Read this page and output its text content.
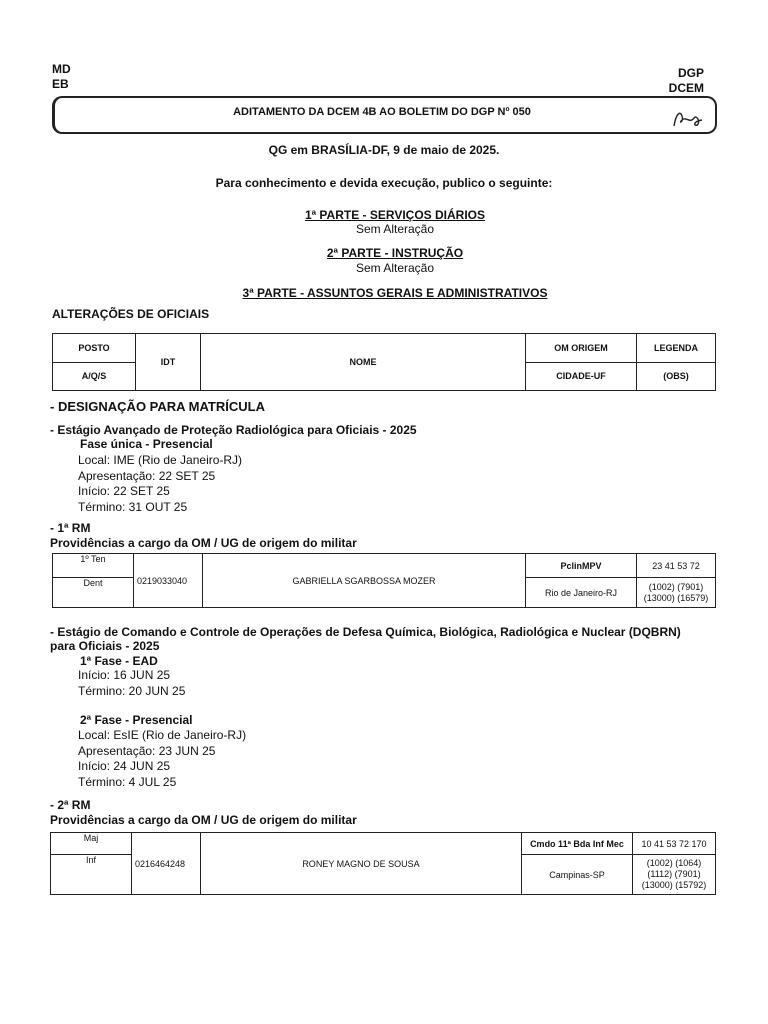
MD
EB
DGP
DCEM
ADITAMENTO DA DCEM 4B AO BOLETIM DO DGP Nº 050
QG em BRASÍLIA-DF, 9 de maio de 2025.
Para conhecimento e devida execução, publico o seguinte:
1ª PARTE - SERVIÇOS DIÁRIOS
Sem Alteração
2ª PARTE - INSTRUÇÃO
Sem Alteração
3ª PARTE - ASSUNTOS GERAIS E ADMINISTRATIVOS
ALTERAÇÕES DE OFICIAIS
POSTO	IDT	NOME	OM ORIGEM	LEGENDA
A/Q/S			CIDADE-UF	(OBS)
- DESIGNAÇÃO PARA MATRÍCULA
- Estágio Avançado de Proteção Radiológica para Oficiais - 2025
Fase única - Presencial
Local: IME (Rio de Janeiro-RJ)
Apresentação: 22 SET 25
Início: 22 SET 25
Término: 31 OUT 25
- 1ª RM
Providências a cargo da OM / UG de origem do militar
1º Ten	0219033040	GABRIELLA SGARBOSSA MOZER	PclinMPV	23 41 53 72
Dent			Rio de Janeiro-RJ	(1002) (7901)
(13000) (16579)
- Estágio de Comando e Controle de Operações de Defesa Química, Biológica, Radiológica e Nuclear (DQBRN)
para Oficiais - 2025
1ª Fase - EAD
Início: 16 JUN 25
Término: 20 JUN 25
2ª Fase - Presencial
Local: EsIE (Rio de Janeiro-RJ)
Apresentação: 23 JUN 25
Início: 24 JUN 25
Término: 4 JUL 25
- 2ª RM
Providências a cargo da OM / UG de origem do militar
Maj	0216464248	RONEY MAGNO DE SOUSA	Cmdo 11ª Bda Inf Mec	10 41 53 72 170
Inf			Campinas-SP	(1002) (1064)
(1112) (7901)
(13000) (15792)
